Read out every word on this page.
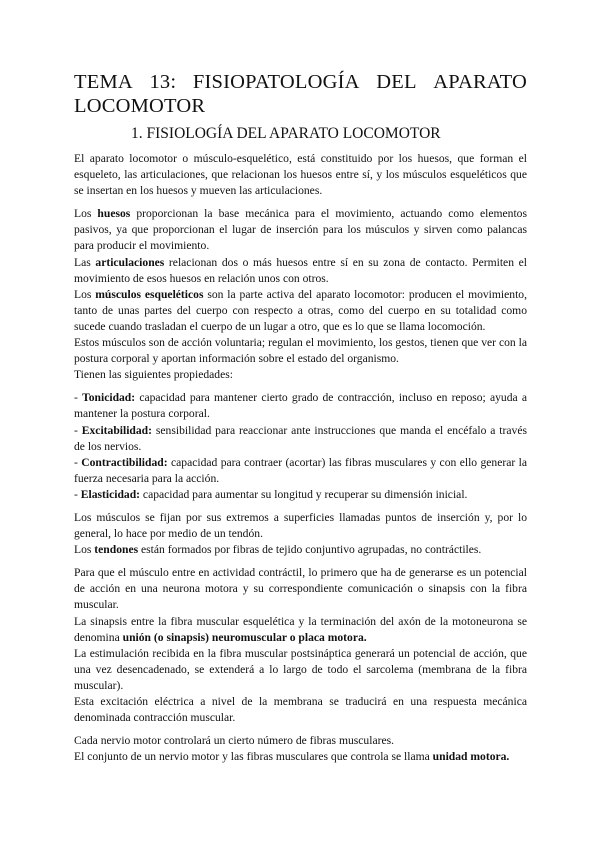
TEMA 13: FISIOPATOLOGÍA DEL APARATO
LOCOMOTOR
1. FISIOLOGÍA DEL APARATO LOCOMOTOR

El aparato locomotor o músculo-esquelético, está constituido por los huesos, que forman el esqueleto, las articulaciones, que relacionan los huesos entre sí, y los músculos esqueléticos que se insertan en los huesos y mueven las articulaciones.

Los huesos proporcionan la base mecánica para el movimiento, actuando como elementos pasivos, ya que proporcionan el lugar de inserción para los músculos y sirven como palancas para producir el movimiento.

Las articulaciones relacionan dos o más huesos entre sí en su zona de contacto. Permiten el movimiento de esos huesos en relación unos con otros.

Los músculos esqueléticos son la parte activa del aparato locomotor: producen el movimiento, tanto de unas partes del cuerpo con respecto a otras, como del cuerpo en su totalidad como sucede cuando trasladan el cuerpo de un lugar a otro, que es lo que se llama locomoción.

Estos músculos son de acción voluntaria; regulan el movimiento, los gestos, tienen que ver con la postura corporal y aportan información sobre el estado del organismo.

Tienen las siguientes propiedades:

- Tonicidad: capacidad para mantener cierto grado de contracción, incluso en reposo; ayuda a mantener la postura corporal.
- Excitabilidad: sensibilidad para reaccionar ante instrucciones que manda el encéfalo a través de los nervios.
- Contractibilidad: capacidad para contraer (acortar) las fibras musculares y con ello generar la fuerza necesaria para la acción.
- Elasticidad: capacidad para aumentar su longitud y recuperar su dimensión inicial.

Los músculos se fijan por sus extremos a superficies llamadas puntos de inserción y, por lo general, lo hace por medio de un tendón.

Los tendones están formados por fibras de tejido conjuntivo agrupadas, no contráctiles.

Para que el músculo entre en actividad contráctil, lo primero que ha de generarse es un potencial de acción en una neurona motora y su correspondiente comunicación o sinapsis con la fibra muscular.

La sinapsis entre la fibra muscular esquelética y la terminación del axón de la motoneurona se denomina unión (o sinapsis) neuromuscular o placa motora.

La estimulación recibida en la fibra muscular postsináptica generará un potencial de acción, que una vez desencadenado, se extenderá a lo largo de todo el sarcolema (membrana de la fibra muscular).

Esta excitación eléctrica a nivel de la membrana se traducirá en una respuesta mecánica denominada contracción muscular.

Cada nervio motor controlará un cierto número de fibras musculares.

El conjunto de un nervio motor y las fibras musculares que controla se llama unidad motora.
